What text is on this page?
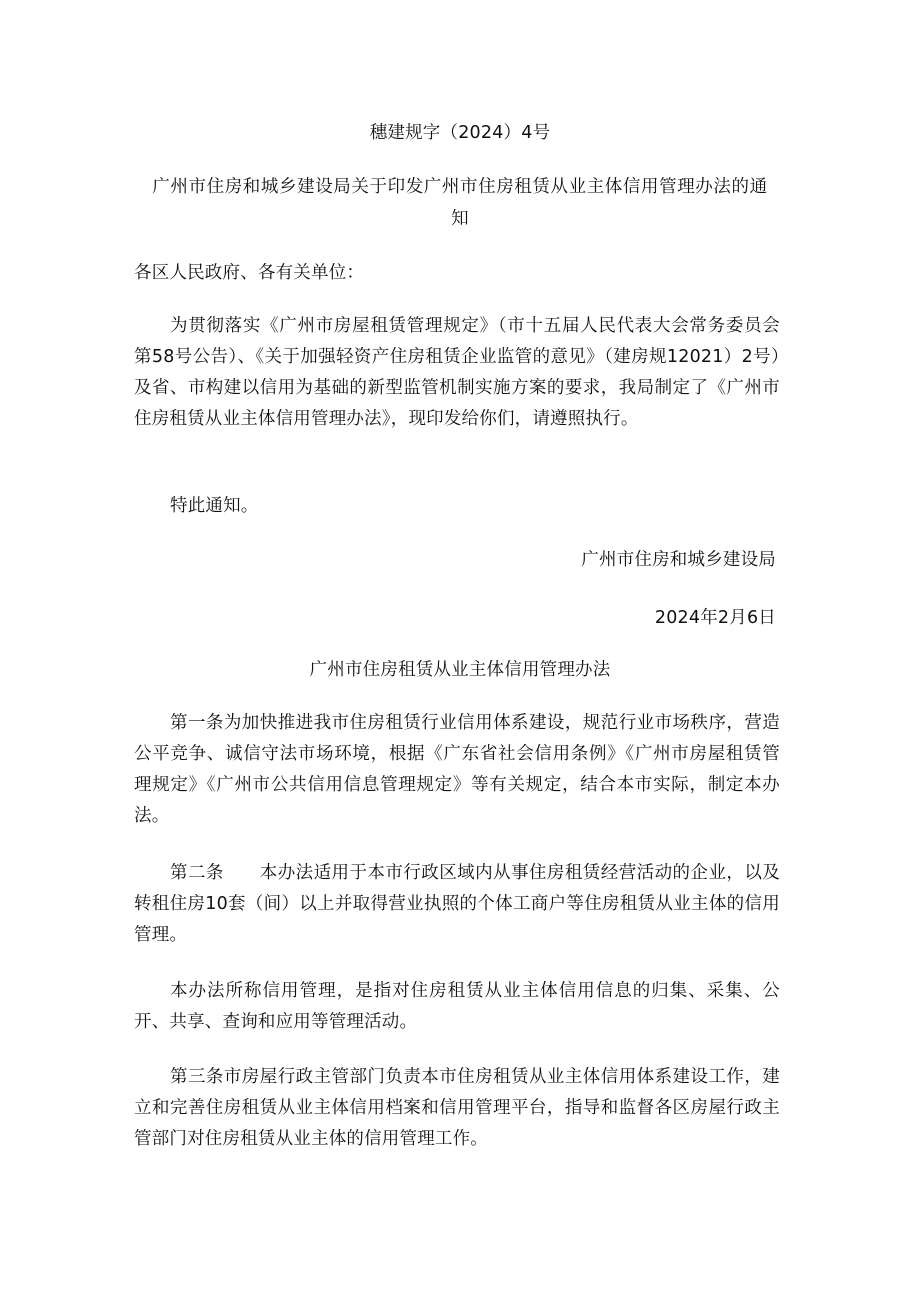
穗建规字（2024）4号
广州市住房和城乡建设局关于印发广州市住房租赁从业主体信用管理办法的通
知
各区人民政府、各有关单位：
为贯彻落实《广州市房屋租赁管理规定》（市十五届人民代表大会常务委员会第58号公告）、《关于加强轻资产住房租赁企业监管的意见》（建房规12021）2号）及省、市构建以信用为基础的新型监管机制实施方案的要求，我局制定了《广州市住房租赁从业主体信用管理办法》，现印发给你们，请遵照执行。
特此通知。
广州市住房和城乡建设局
2024年2月6日
广州市住房租赁从业主体信用管理办法
第一条为加快推进我市住房租赁行业信用体系建设，规范行业市场秩序，营造公平竞争、诚信守法市场环境，根据《广东省社会信用条例》《广州市房屋租赁管理规定》《广州市公共信用信息管理规定》等有关规定，结合本市实际，制定本办法。
第二条　　本办法适用于本市行政区域内从事住房租赁经营活动的企业，以及转租住房10套（间）以上并取得营业执照的个体工商户等住房租赁从业主体的信用管理。
本办法所称信用管理，是指对住房租赁从业主体信用信息的归集、采集、公开、共享、查询和应用等管理活动。
第三条市房屋行政主管部门负责本市住房租赁从业主体信用体系建设工作，建立和完善住房租赁从业主体信用档案和信用管理平台，指导和监督各区房屋行政主管部门对住房租赁从业主体的信用管理工作。
